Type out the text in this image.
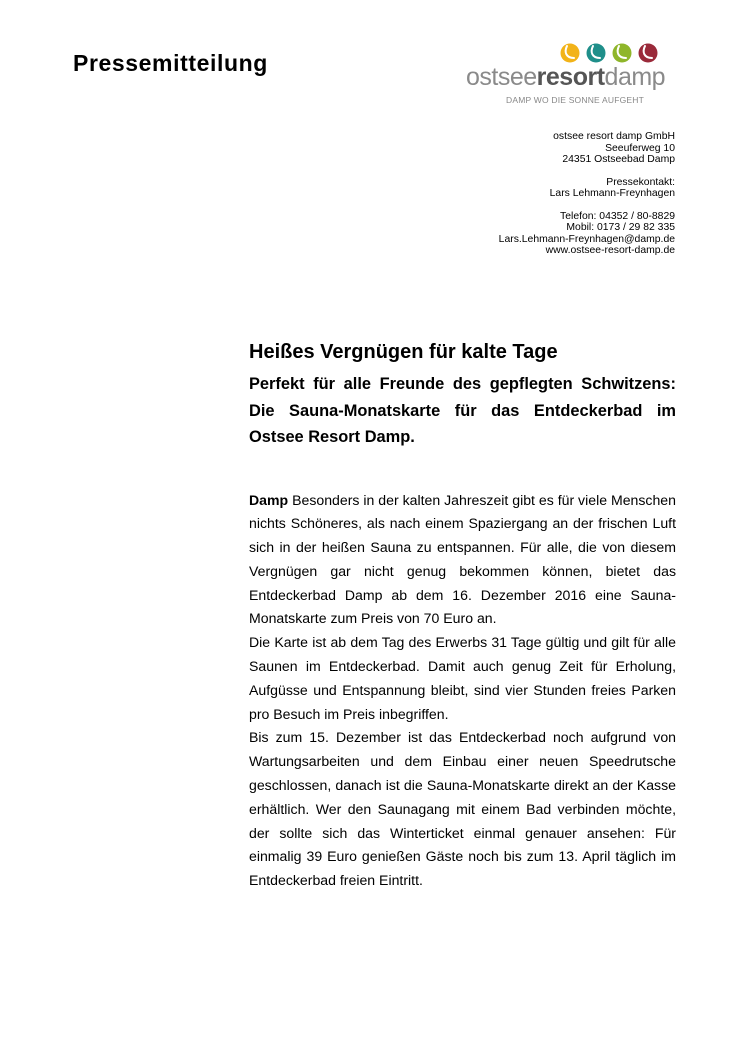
Pressemitteilung	ostseeresortdamp
DAMP WO DIE SONNE AUFGEHT
ostsee resort damp GmbH
Seeuferweg 10
24351 Ostseebad Damp
Pressekontakt:
Lars Lehmann-Freynhagen
Telefon: 04352 / 80-8829
Mobil: 0173 / 29 82 335
Lars.Lehmann-Freynhagen@damp.de
www.ostsee-resort-damp.de
Heißes Vergnügen für kalte Tage

Perfekt für alle Freunde des gepflegten Schwitzens: Die Sauna-Monatskarte für das Entdeckerbad im Ostsee Resort Damp.

Damp Besonders in der kalten Jahreszeit gibt es für viele Menschen nichts Schöneres, als nach einem Spaziergang an der frischen Luft sich in der heißen Sauna zu entspannen. Für alle, die von diesem Vergnügen gar nicht genug bekommen können, bietet das Entdeckerbad Damp ab dem 16. Dezember 2016 eine Sauna-Monatskarte zum Preis von 70 Euro an.

Die Karte ist ab dem Tag des Erwerbs 31 Tage gültig und gilt für alle Saunen im Entdeckerbad. Damit auch genug Zeit für Erholung, Aufgüsse und Entspannung bleibt, sind vier Stunden freies Parken pro Besuch im Preis inbegriffen.

Bis zum 15. Dezember ist das Entdeckerbad noch aufgrund von Wartungsarbeiten und dem Einbau einer neuen Speedrutsche geschlossen, danach ist die Sauna-Monatskarte direkt an der Kasse erhältlich. Wer den Saunagang mit einem Bad verbinden möchte, der sollte sich das Winterticket einmal genauer ansehen: Für einmalig 39 Euro genießen Gäste noch bis zum 13. April täglich im Entdeckerbad freien Eintritt.
